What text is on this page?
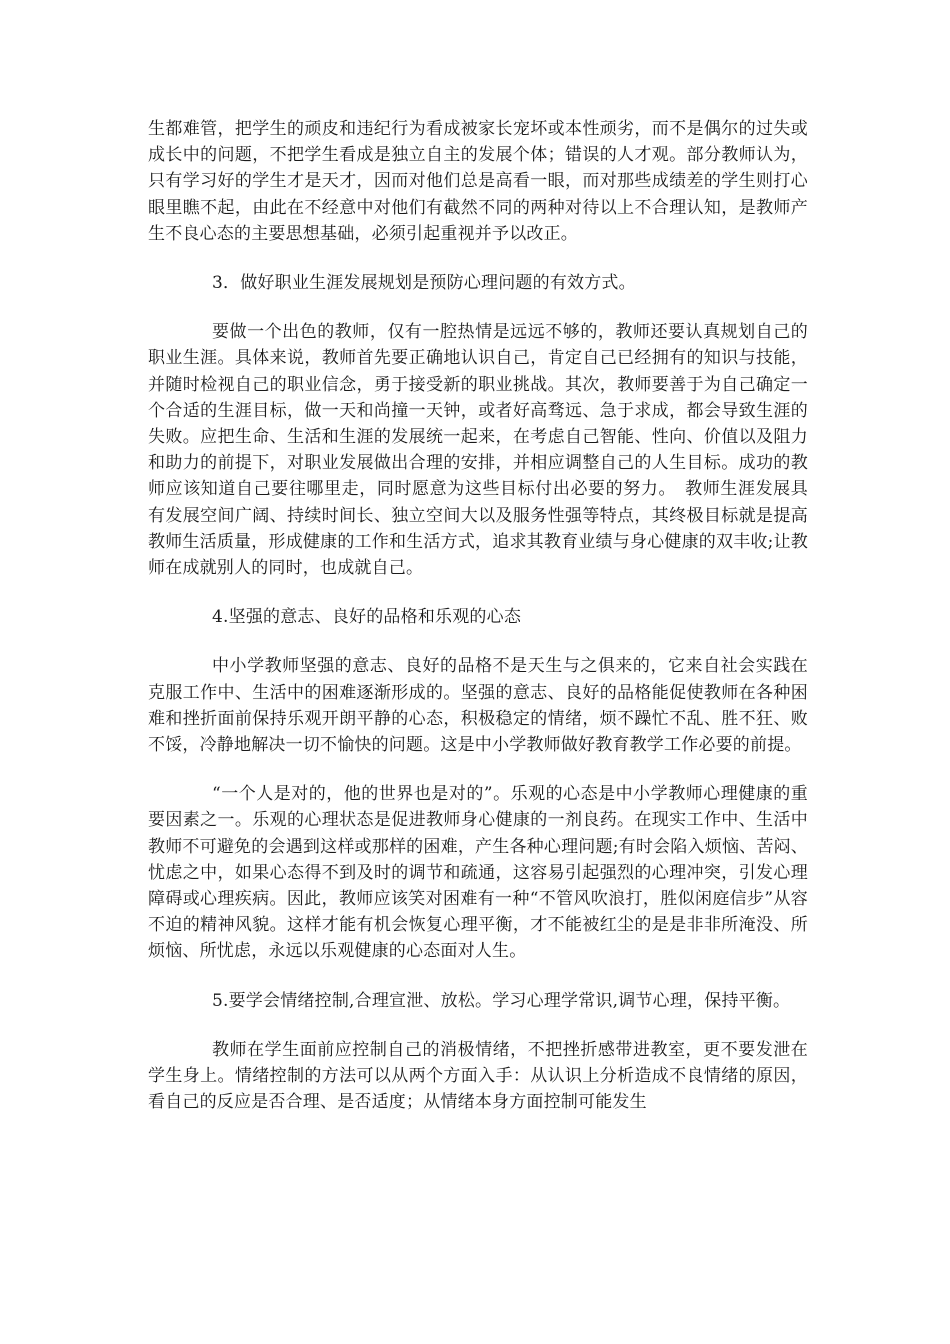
生都难管，把学生的顽皮和违纪行为看成被家长宠坏或本性顽劣，而不是偶尔的过失或成长中的问题，不把学生看成是独立自主的发展个体；错误的人才观。部分教师认为，只有学习好的学生才是天才，因而对他们总是高看一眼，而对那些成绩差的学生则打心眼里瞧不起，由此在不经意中对他们有截然不同的两种对待以上不合理认知，是教师产生不良心态的主要思想基础，必须引起重视并予以改正。

3．做好职业生涯发展规划是预防心理问题的有效方式。

要做一个出色的教师，仅有一腔热情是远远不够的，教师还要认真规划自己的职业生涯。具体来说，教师首先要正确地认识自己，肯定自己已经拥有的知识与技能，并随时检视自己的职业信念，勇于接受新的职业挑战。其次，教师要善于为自己确定一个合适的生涯目标，做一天和尚撞一天钟，或者好高骛远、急于求成，都会导致生涯的失败。应把生命、生活和生涯的发展统一起来，在考虑自己智能、性向、价值以及阻力和助力的前提下，对职业发展做出合理的安排，并相应调整自己的人生目标。成功的教师应该知道自己要往哪里走，同时愿意为这些目标付出必要的努力。　教师生涯发展具有发展空间广阔、持续时间长、独立空间大以及服务性强等特点，其终极目标就是提高教师生活质量，形成健康的工作和生活方式，追求其教育业绩与身心健康的双丰收;让教师在成就别人的同时，也成就自己。

4.坚强的意志、良好的品格和乐观的心态

中小学教师坚强的意志、良好的品格不是天生与之俱来的，它来自社会实践在克服工作中、生活中的困难逐渐形成的。坚强的意志、良好的品格能促使教师在各种困难和挫折面前保持乐观开朗平静的心态，积极稳定的情绪，烦不躁忙不乱、胜不狂、败不馁，冷静地解决一切不愉快的问题。这是中小学教师做好教育教学工作必要的前提。

“一个人是对的，他的世界也是对的”。乐观的心态是中小学教师心理健康的重要因素之一。乐观的心理状态是促进教师身心健康的一剂良药。在现实工作中、生活中教师不可避免的会遇到这样或那样的困难，产生各种心理问题;有时会陷入烦恼、苦闷、忧虑之中，如果心态得不到及时的调节和疏通，这容易引起强烈的心理冲突，引发心理障碍或心理疾病。因此，教师应该笑对困难有一种“不管风吹浪打，胜似闲庭信步”从容不迫的精神风貌。这样才能有机会恢复心理平衡，才不能被红尘的是是非非所淹没、所烦恼、所忧虑，永远以乐观健康的心态面对人生。

5.要学会情绪控制,合理宣泄、放松。学习心理学常识,调节心理，保持平衡。

教师在学生面前应控制自己的消极情绪，不把挫折感带进教室，更不要发泄在学生身上。情绪控制的方法可以从两个方面入手：从认识上分析造成不良情绪的原因，看自己的反应是否合理、是否适度；从情绪本身方面控制可能发生
